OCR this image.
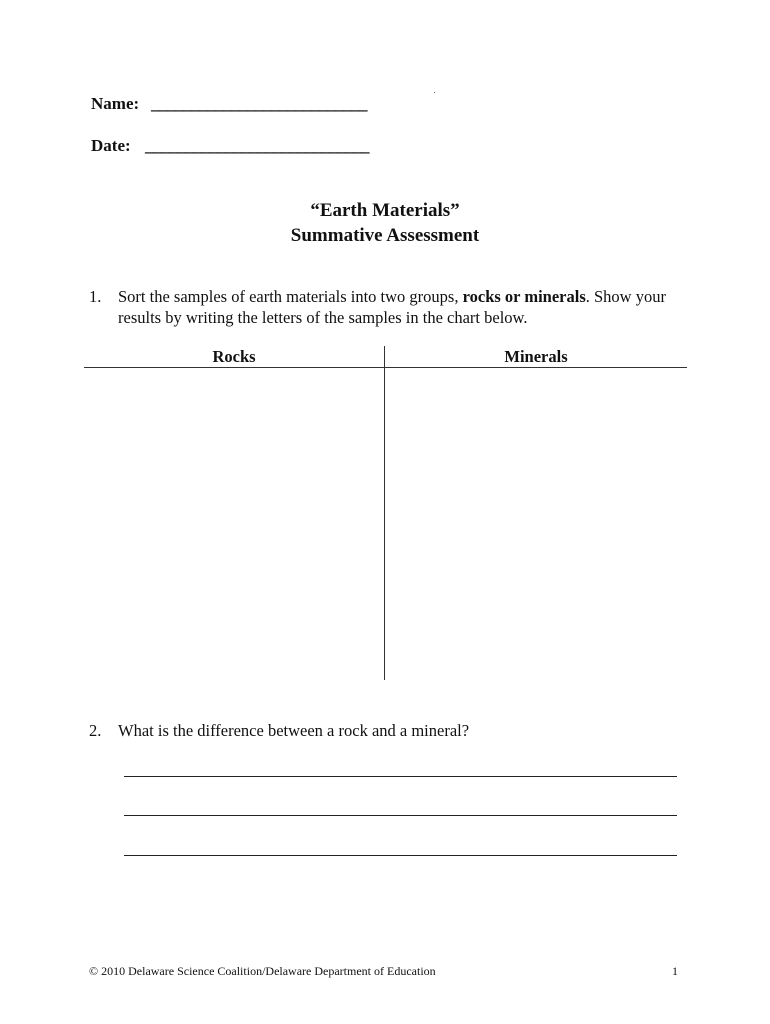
Name: ___________________________
Date: ____________________________
“Earth Materials”
Summative Assessment
1. Sort the samples of earth materials into two groups, rocks or minerals. Show your results by writing the letters of the samples in the chart below.
Rocks	Minerals
2. What is the difference between a rock and a mineral?
© 2010 Delaware Science Coalition/Delaware Department of Education	1
